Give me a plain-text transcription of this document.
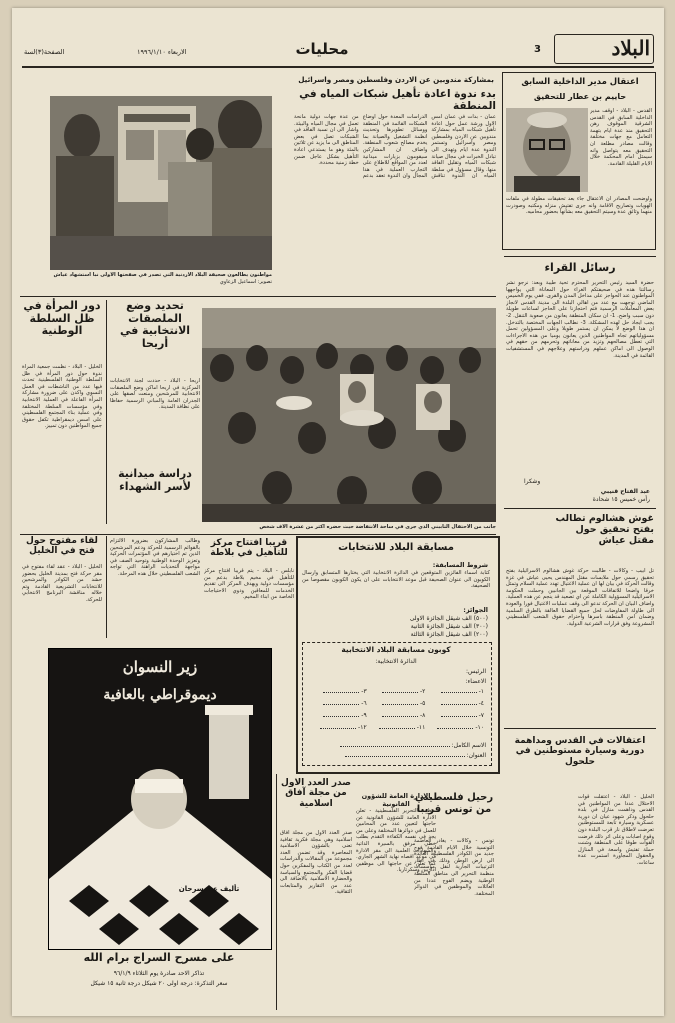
البلاد
3
محليات
الاربعاء ١٩٩٦/١/١٠
الصفحة(٣)لسة
بمشاركة مندوبين عن الاردن وفلسطين ومصر واسرائيل
بدء ندوة اعادة تأهيل شبكات المياه في المنطقة
عمان - بدأت في عمان امس الاول ورشة عمل حول اعادة تأهيل شبكات المياه بمشاركة مندوبين عن الاردن وفلسطين ومصر واسرائيل وتستمر الندوة عدة ايام وتهدف الى تبادل الخبرات في مجال صيانة شبكات المياه وتقليل الفاقد منها. وقال مسؤول في سلطة المياه ان الندوة تناقش الدراسات المعدة حول اوضاع الشبكات القائمة في المنطقة ووسائل تطويرها وتحديث انظمة التشغيل والصيانة بما يخدم مصالح شعوب المنطقة. واضاف ان المشاركين سيقومون بزيارات ميدانية لعدد من المواقع للاطلاع على التجارب العملية في هذا المجال وان الندوة تعقد بدعم من عدة جهات دولية مانحة تعمل في مجال المياه والبيئة. واشار الى ان نسبة الفاقد في الشبكات تصل في بعض المناطق الى ما يزيد عن ثلاثين بالمئة وهو ما يستدعي اعادة التأهيل بشكل عاجل ضمن خطة زمنية محددة.
مواطنون يطالعون صحيفة البلاد الاردنية التي تصدر في صفحتها الاولى نبأ استشهاد عياش
تصوير: اسماعيل الزعاوي
اعتقال مدير الداخلية السابق
حاييم بن عطار للتحقيق
القدس - البلاد - اوقف مدير الداخلية السابق في القدس الشرقية الموقوف رهن التحقيق منذ عدة ايام بتهمة التعامل مع جهات مختلفة وقالت مصادر مطلعة ان التحقيق معه يتواصل وانه سيمثل امام المحكمة خلال الايام القليلة القادمة.
واوضحت المصادر ان الاعتقال جاء بعد تحقيقات مطولة في ملفات الهويات وتصاريح الاقامة وانه جرى تفتيش منزله ومكتبه وصودرت منهما وثائق عدة وسيتم التحقيق معه بشأنها بحضور محاميه.
رسائل القراء
حضرة السيد رئيس التحرير المحترم تحية طيبة وبعد: نرجو نشر رسالتنا هذه في صحيفتكم الغراء حول المعاناة التي يواجهها المواطنون عند الحواجز على مداخل المدن والقرى. ففي يوم الخميس الماضي توجهت مع عدد من اهالي البلدة الى مدينة القدس لانجاز بعض المعاملات الرسمية فتم احتجازنا على الحاجز لساعات طويلة دون سبب واضح. 1- ان سكان المنطقة يعانون من صعوبة التنقل. 2- يجب ايجاد حل لهذه المشكلة. 3- نطالب الجهات المختصة بالتدخل. ان هذا الوضع لا يمكن ان يستمر طويلا وعلى المسؤولين تحمل مسؤولياتهم تجاه المواطنين الذين يعانون يوميا من هذه الاجراءات التي تعطل مصالحهم وتزيد من معاناتهم وتحرمهم من حقهم في الوصول الى اماكن عملهم ودراستهم وعلاجهم في المستشفيات القائمة في المدينة.
وشكرا
عبد الفتاح قنيبي
رأس خميس ١٥ شحادة
دور المرأة في ظل السلطة الوطنية
الخليل - البلاد - نظمت جمعية المرأة ندوة حول دور المرأة في ظل السلطة الوطنية الفلسطينية تحدث فيها عدد من الناشطات في العمل النسوي واكدن على ضرورة مشاركة المرأة الفاعلة في العملية الانتخابية وفي مؤسسات السلطة المختلفة وفي عملية بناء المجتمع الفلسطيني على اسس ديمقراطية تكفل حقوق جميع المواطنين دون تمييز.
تحديد وضع الملصقات الانتخابية في أريحا
اريحا - البلاد - حددت لجنة الانتخابات المركزية في اريحا اماكن وضع الملصقات الانتخابية للمرشحين ومنعت لصقها على الجدران العامة والمباني الرسمية حفاظا على نظافة المدينة.
دراسة ميدانية لأسر الشهداء
جانب من الاحتفال التأبيني الذي جرى في ساحة الانتفاضة حيث حضره اكثر من عشرة آلاف شخص
لقاء مفتوح حول فتح في الخليل
الخليل - البلاد - عقد لقاء مفتوح في مقر حركة فتح بمدينة الخليل بحضور حشد من الكوادر والمرشحين للانتخابات التشريعية القادمة وتم خلاله مناقشة البرنامج الانتخابي للحركة.
وطالب المشاركون بضرورة الالتزام بالقوائم الرسمية للحركة ودعم المرشحين الذين تم اختيارهم في المؤتمرات الحركية وتعزيز الوحدة الوطنية وتوحيد الصف في مواجهة التحديات الراهنة التي تواجه الشعب الفلسطيني خلال هذه المرحلة.
قريبا افتتاح مركز للتأهيل في بلاطة
نابلس - البلاد - يتم قريبا افتتاح مركز للتأهيل في مخيم بلاطة بدعم من مؤسسات دولية ويهدف المركز الى تقديم الخدمات للمعاقين وذوي الاحتياجات الخاصة من ابناء المخيم.
مسابقة البلاد للانتخابات
شروط المسابقة:
كتابة اسماء الفائزين المتوقعين في الدائرة الانتخابية التي يختارها المتسابق وارسال الكوبون الى عنوان الصحيفة قبل موعد الانتخابات على ان يكون الكوبون مقصوصا من الصحيفة.
الجوائز:
(٥٠٠) الف شيقل الجائزة الاولى
(٣٠٠) الف شيقل الجائزة الثانية
(٢٠٠) الف شيقل الجائزة الثالثة
كوبون مسابقة البلاد الانتخابية
الدائرة الانتخابية:
الرئيس:
الاعضاء:
١-
٢-
٣-
٤-
٥-
٦-
٧-
٨-
٩-
١٠-
١١-
١٢-
الاسم الكامل:
العنوان:
غوش هشالوم تطالب بفتح تحقيق حول مقتل عياش
تل ابيب - وكالات - طالبت حركة غوش هشالوم الاسرائيلية بفتح تحقيق رسمي حول ملابسات مقتل المهندس يحيى عياش في غزة وقالت الحركة في بيان لها ان عملية الاغتيال تهدد عملية السلام وتمثل خرقا واضحا للاتفاقات الموقعة بين الجانبين وحملت الحكومة الاسرائيلية المسؤولية الكاملة عن اي تصعيد قد ينجم عن هذه العملية. واضاف البيان ان الحركة تدعو الى وقف عمليات الاغتيال فورا والعودة الى طاولة المفاوضات لحل جميع القضايا العالقة بالطرق السلمية وضمان امن المنطقة باسرها واحترام حقوق الشعب الفلسطيني المشروعة وفق قرارات الشرعية الدولية.
اعتقالات في القدس ومداهمة دورية وسيارة مستوطنين في حلحول
الخليل - البلاد - اعتقلت قوات الاحتلال عددا من المواطنين في القدس وداهمت منازل في بلدة حلحول وذكر شهود عيان ان دورية عسكرية وسيارة تابعة للمستوطنين تعرضت لاطلاق نار قرب البلدة دون وقوع اصابات وعلى اثر ذلك فرضت القوات طوقا على المنطقة وشنت حملة تفتيش واسعة في المنازل والحقول المجاورة استمرت عدة ساعات.
رحيل فلسطيني من تونس قريبا
تونس - وكالات - يغادر العاصمة التونسية خلال الايام القادمة فوج جديد من الكوادر الفلسطينية العائدة الى ارض الوطن وذلك في اطار الترتيبات الجارية لنقل مؤسسات منظمة التحرير الى مناطق السلطة الوطنية ويضم الفوج عددا من العائلات والموظفين في الدوائر المختلفة.
الادارة العامة للشؤون القانونية
منظمة التحرير الفلسطينية - تعلن الادارة العامة للشؤون القانونية عن حاجتها لتعيين عدد من المحامين للعمل في دوائرها المختلفة وعلى من يجد في نفسه الكفاءة التقدم بطلب خطي مرفق بالسيرة الذاتية والشهادات العلمية الى مقر الادارة في موعد اقصاه نهاية الشهر الجاري. كما تعلن عن حاجتها الى موظفين اداريين وسكرتاريا.
صدر العدد الاول من مجلة آفاق اسلامية
صدر العدد الاول من مجلة افاق اسلامية وهي مجلة فكرية ثقافية تعنى بالشؤون الاسلامية المعاصرة وقد تضمن العدد مجموعة من المقالات والدراسات لعدد من الكتاب والمفكرين حول قضايا الفكر والمجتمع والسياسة والحضارة الاسلامية بالاضافة الى عدد من التقارير والمتابعات الثقافية.
زير النسوان
ديموقراطي بالعافية
تأليف عبد سرحان
على مسرح السراج برام الله
تذاكر الاحد صادرة يوم الثلاثاء ٩٦/١/٩
سعر التذكرة: درجة اولى ٢٠ شيكل درجة ثانية ١٥ شيكل
